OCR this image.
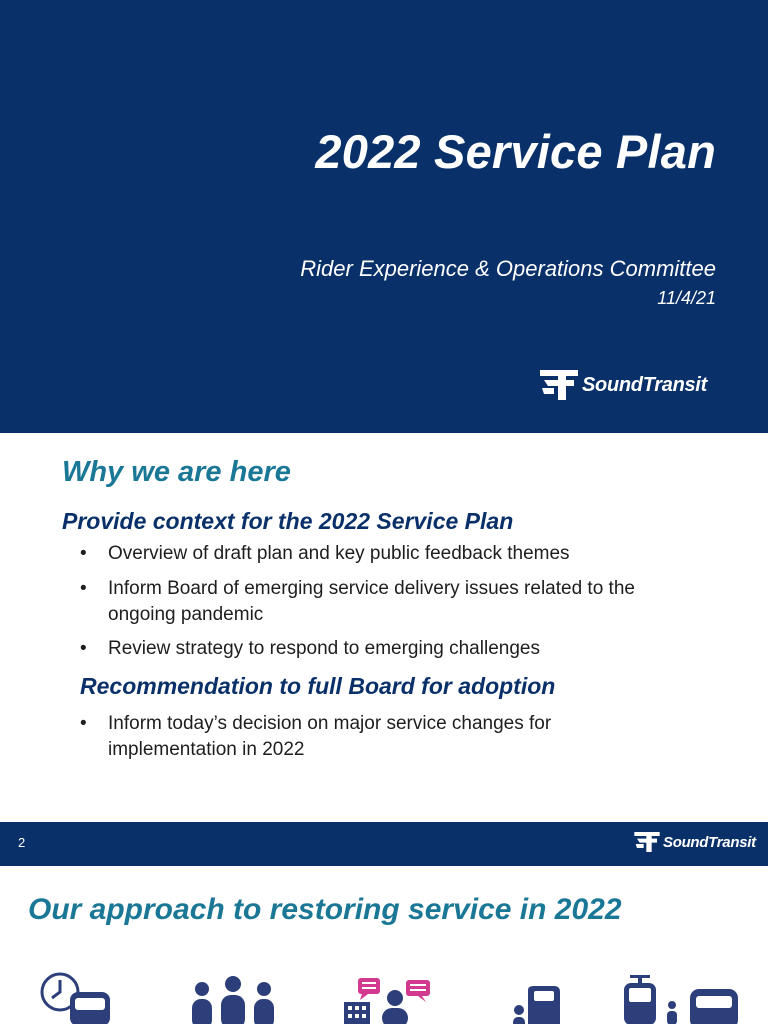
2022 Service Plan
Rider Experience & Operations Committee
11/4/21
SoundTransit
Why we are here
Provide context for the 2022 Service Plan
• Overview of draft plan and key public feedback themes
• Inform Board of emerging service delivery issues related to the ongoing pandemic
• Review strategy to respond to emerging challenges
Recommendation to full Board for adoption
• Inform today’s decision on major service changes for implementation in 2022
2	SoundTransit
Our approach to restoring service in 2022
